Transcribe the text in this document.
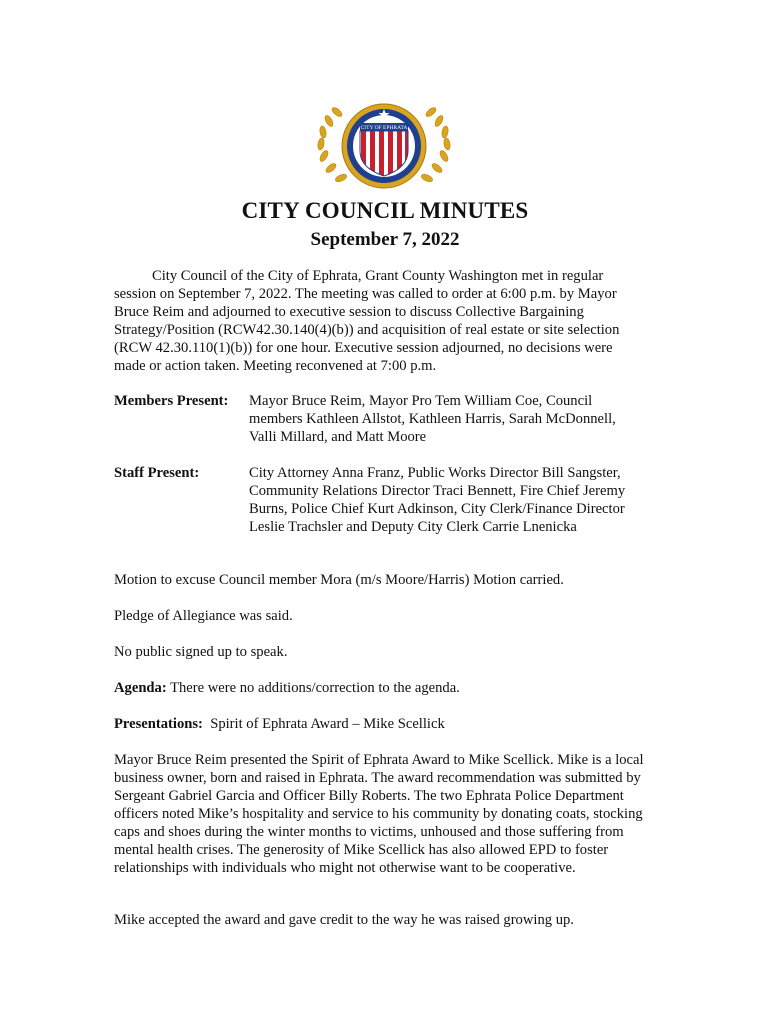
CITY OF EPHRATA
CITY COUNCIL MINUTES
September 7, 2022

City Council of the City of Ephrata, Grant County Washington met in regular session on September 7, 2022. The meeting was called to order at 6:00 p.m. by Mayor Bruce Reim and adjourned to executive session to discuss Collective Bargaining Strategy/Position (RCW42.30.140(4)(b)) and acquisition of real estate or site selection (RCW 42.30.110(1)(b)) for one hour. Executive session adjourned, no decisions were made or action taken. Meeting reconvened at 7:00 p.m.

Members Present: Mayor Bruce Reim, Mayor Pro Tem William Coe, Council members Kathleen Allstot, Kathleen Harris, Sarah McDonnell, Valli Millard, and Matt Moore
Staff Present:	City Attorney Anna Franz, Public Works Director Bill Sangster, Community Relations Director Traci Bennett, Fire Chief Jeremy Burns, Police Chief Kurt Adkinson, City Clerk/Finance Director Leslie Trachsler and Deputy City Clerk Carrie Lnenicka

Motion to excuse Council member Mora (m/s Moore/Harris) Motion carried.

Pledge of Allegiance was said.

No public signed up to speak.

Agenda: There were no additions/correction to the agenda.

Presentations:  Spirit of Ephrata Award – Mike Scellick

Mayor Bruce Reim presented the Spirit of Ephrata Award to Mike Scellick. Mike is a local business owner, born and raised in Ephrata. The award recommendation was submitted by Sergeant Gabriel Garcia and Officer Billy Roberts. The two Ephrata Police Department officers noted Mike’s hospitality and service to his community by donating coats, stocking caps and shoes during the winter months to victims, unhoused and those suffering from mental health crises. The generosity of Mike Scellick has also allowed EPD to foster relationships with individuals who might not otherwise want to be cooperative.

Mike accepted the award and gave credit to the way he was raised growing up.
